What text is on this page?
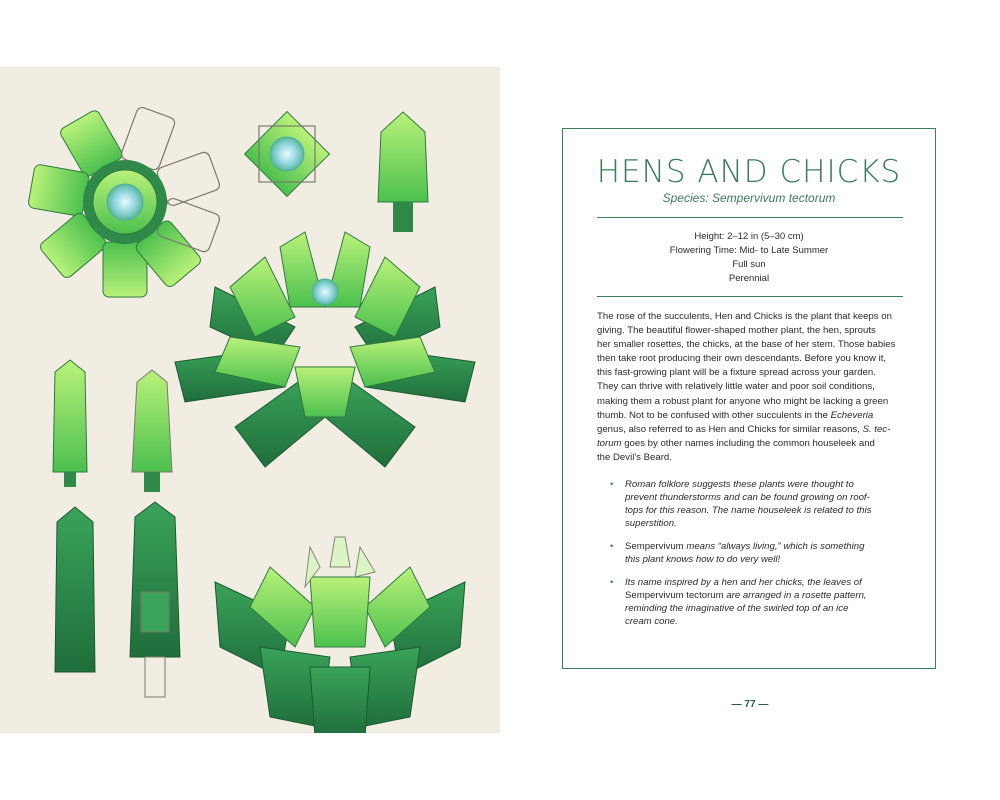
HENS AND CHICKS
Species: Sempervivum tectorum
Height: 2–12 in (5–30 cm)
Flowering Time: Mid- to Late Summer
Full sun
Perennial

The rose of the succulents, Hen and Chicks is the plant that keeps on

giving. The beautiful flower-shaped mother plant, the hen, sprouts

her smaller rosettes, the chicks, at the base of her stem. Those babies

then take root producing their own descendants. Before you know it,

this fast-growing plant will be a fixture spread across your garden.

They can thrive with relatively little water and poor soil conditions,

making them a robust plant for anyone who might be lacking a green

thumb. Not to be confused with other succulents in the Echeveria

genus, also referred to as Hen and Chicks for similar reasons, S. tec-

torum goes by other names including the common houseleek and

the Devil's Beard.

• Roman folklore suggests these plants were thought to
prevent thunderstorms and can be found growing on roof-
tops for this reason. The name houseleek is related to this
superstition.
• Sempervivum means “always living,” which is something
this plant knows how to do very well!
• Its name inspired by a hen and her chicks, the leaves of
Sempervivum tectorum are arranged in a rosette pattern,
reminding the imaginative of the swirled top of an ice
cream cone.
— 77 —
